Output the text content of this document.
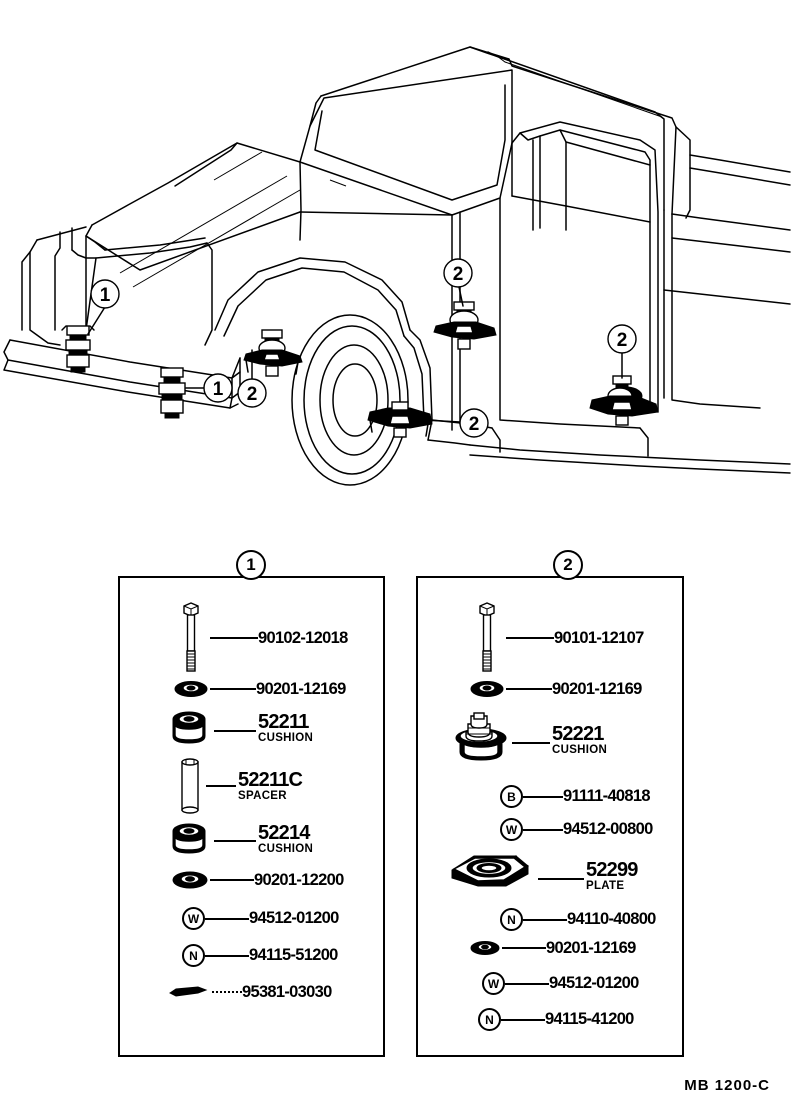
1
1 2
2
2
2
1	2
90102-12018
90201-12169
52211
CUSHION
52211C
SPACER
52214
CUSHION
90201-12200
W	94512-01200
N	94115-51200
95381-03030
90101-12107
90201-12169
52221
CUSHION
B	91111-40818
W	94512-00800
52299
PLATE
N	94110-40800
90201-12169
W	94512-01200
N	94115-41200
MB 1200-C
